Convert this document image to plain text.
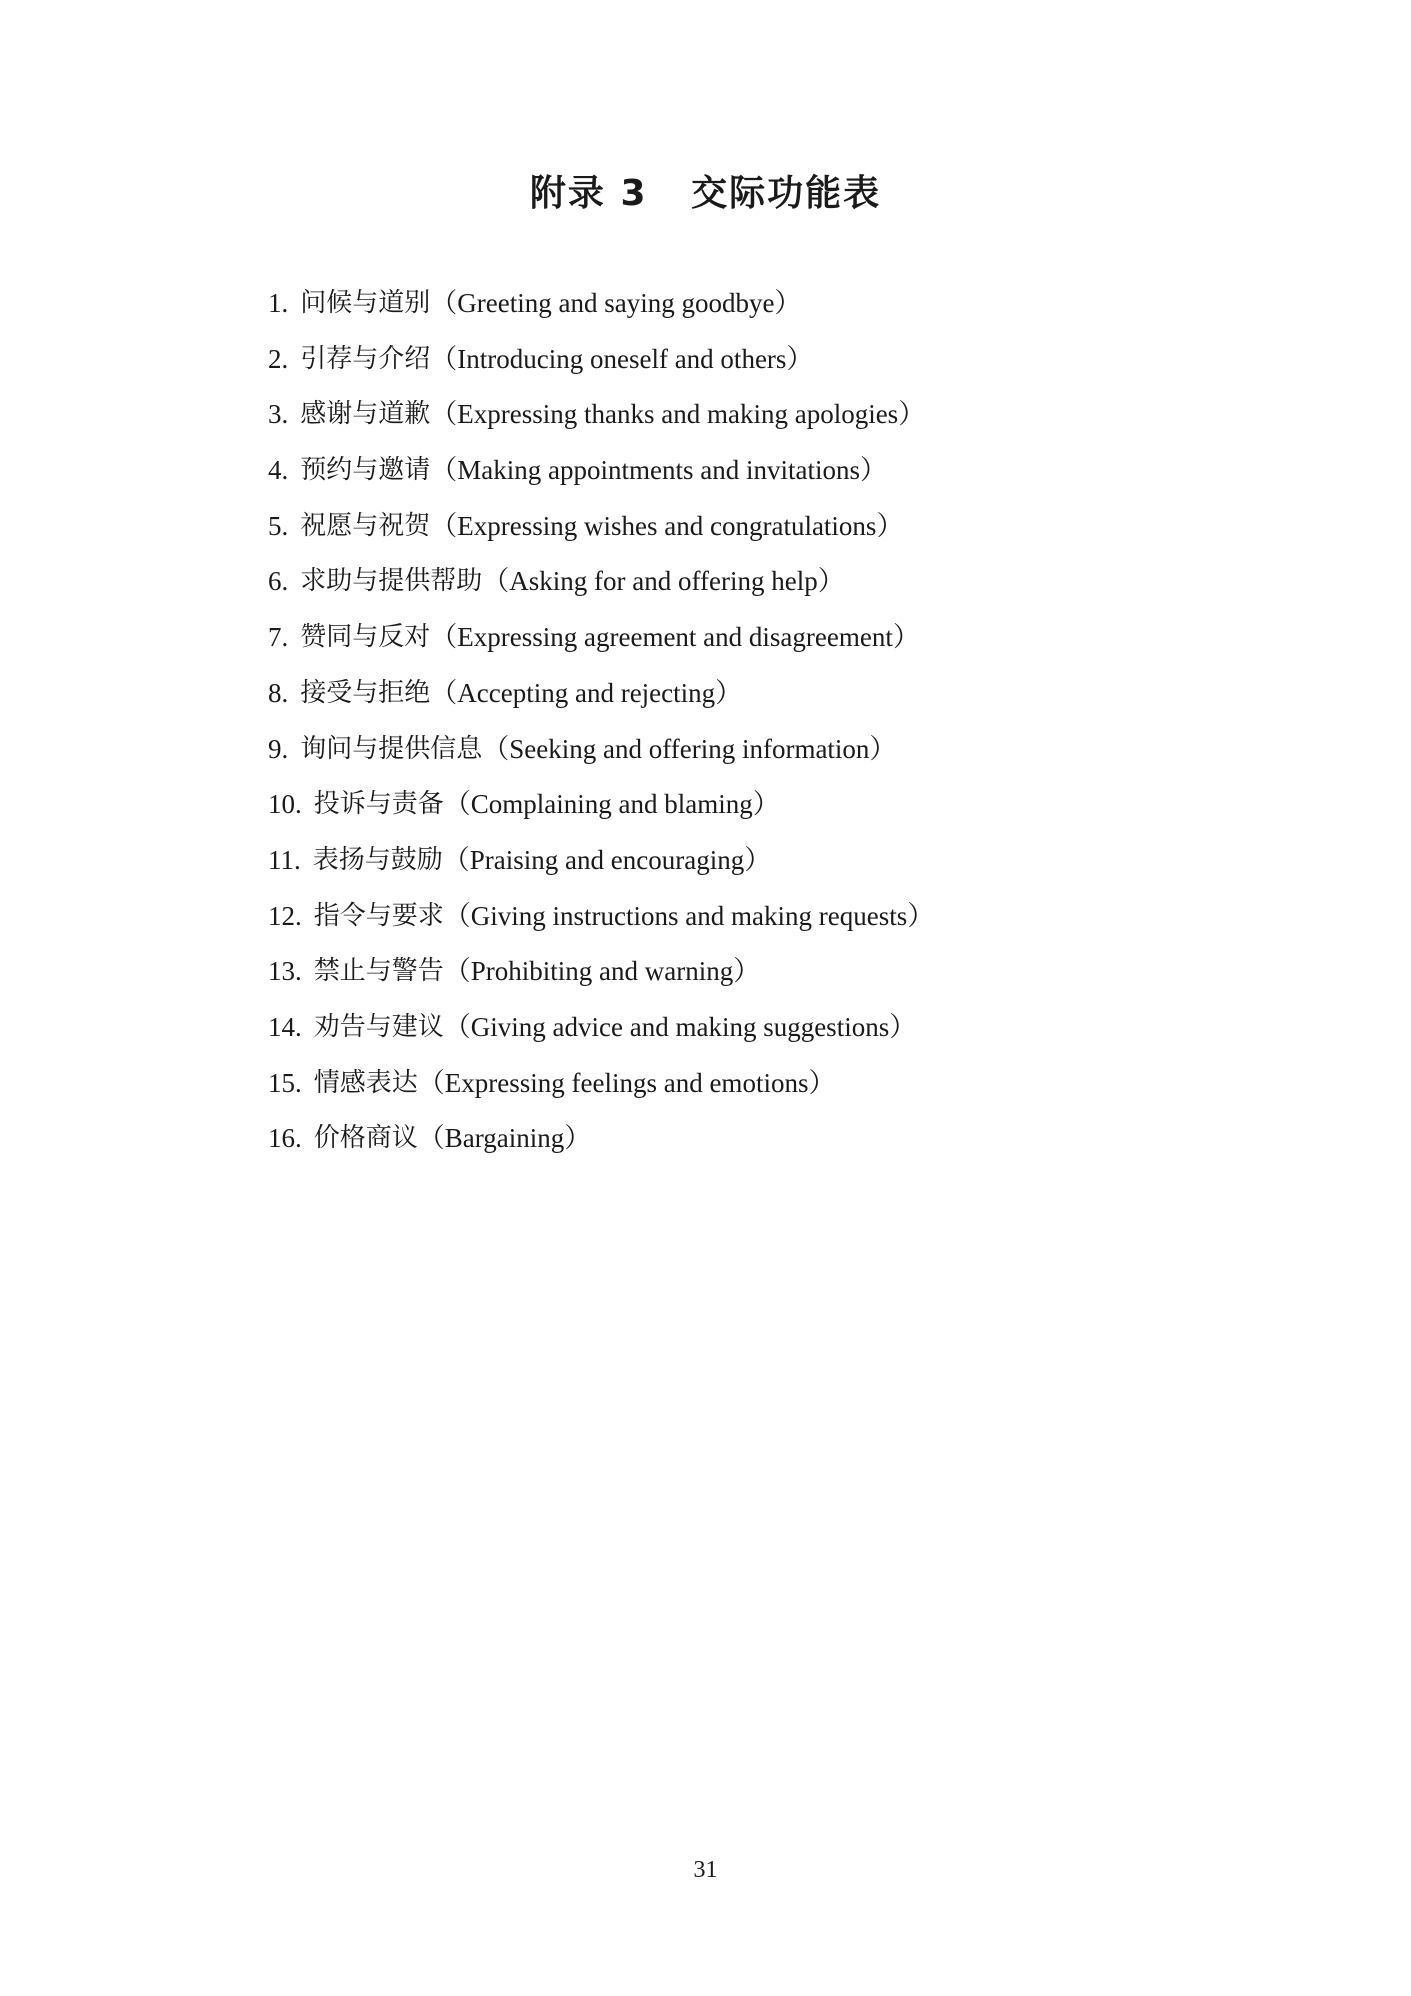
附录 3   交际功能表
1. 问候与道别 （Greeting and saying goodbye）
2. 引荐与介绍 （Introducing oneself and others）
3. 感谢与道歉 （Expressing thanks and making apologies）
4. 预约与邀请 （Making appointments and invitations）
5. 祝愿与祝贺 （Expressing wishes and congratulations）
6. 求助与提供帮助 （Asking for and offering help）
7. 赞同与反对 （Expressing agreement and disagreement）
8. 接受与拒绝 （Accepting and rejecting）
9. 询问与提供信息 （Seeking and offering information）
10. 投诉与责备 （Complaining and blaming）
11. 表扬与鼓励 （Praising and encouraging）
12. 指令与要求 （Giving instructions and making requests）
13. 禁止与警告 （Prohibiting and warning）
14. 劝告与建议 （Giving advice and making suggestions）
15. 情感表达 （Expressing feelings and emotions）
16. 价格商议 （Bargaining）
31
